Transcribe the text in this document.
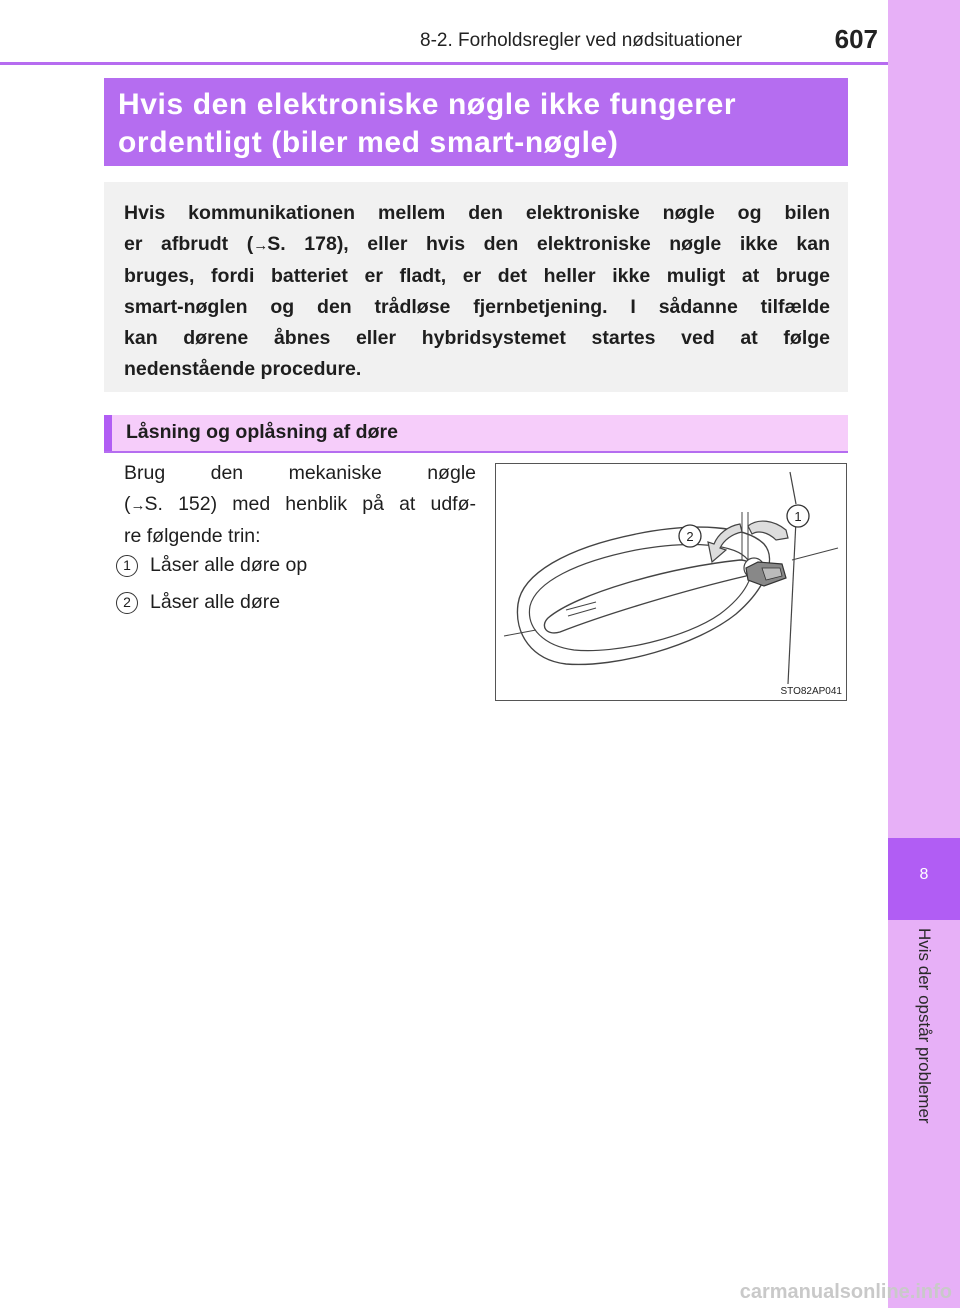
8-2. Forholdsregler ved nødsituationer	607
8
Hvis der opstår problemer
Hvis den elektroniske nøgle ikke fungerer
ordentligt (biler med smart-nøgle)
Hvis kommunikationen mellem den elektroniske nøgle og bilen
er afbrudt (→S. 178), eller hvis den elektroniske nøgle ikke kan
bruges, fordi batteriet er fladt, er det heller ikke muligt at bruge
smart-nøglen og den trådløse fjernbetjening. I sådanne tilfælde
kan dørene åbnes eller hybridsystemet startes ved at følge
nedenstående procedure.
Låsning og oplåsning af døre
Brug den mekaniske nøgle
(→S. 152) med henblik på at udfø-
re følgende trin:
1 Låser alle døre op
2 Låser alle døre
1
2
STO82AP041
carmanualsonline.info
